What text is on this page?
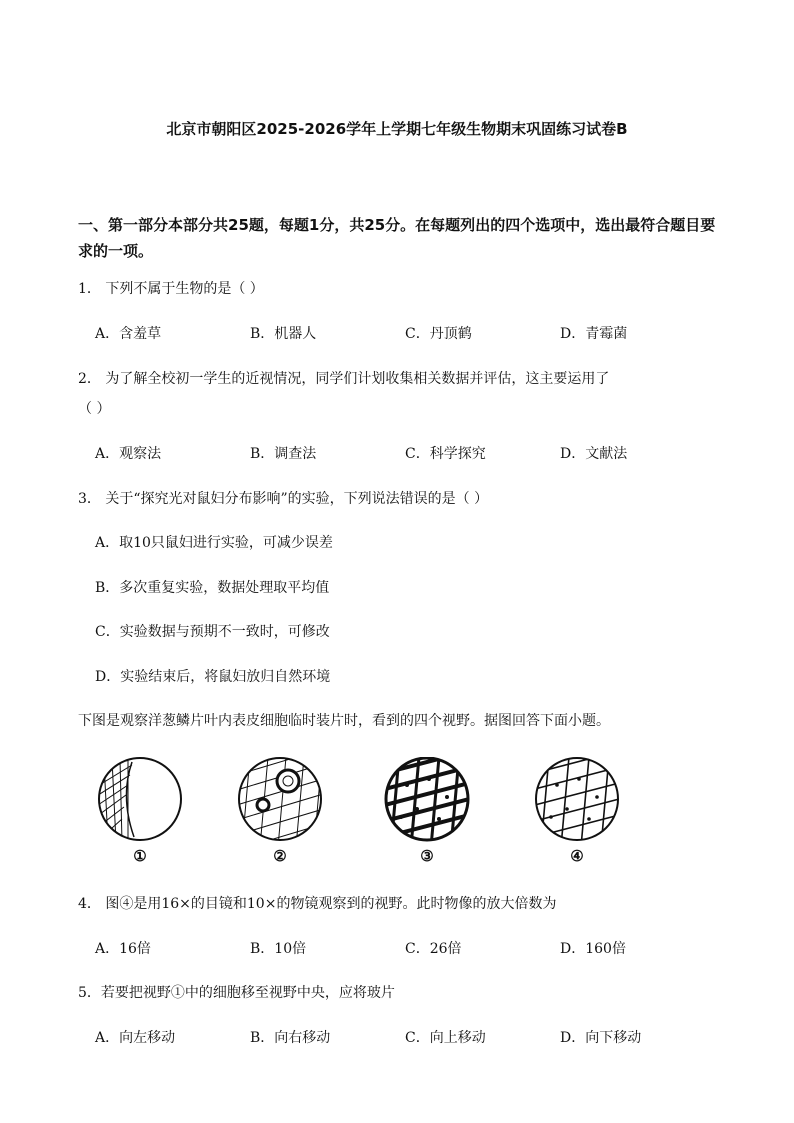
北京市朝阳区2025-2026学年上学期七年级生物期末巩固练习试卷B
一、第一部分本部分共25题，每题1分，共25分。在每题列出的四个选项中，选出最符合题目要求的一项。
1． 下列不属于生物的是（ ）
A．含羞草	B．机器人	C．丹顶鹤	D．青霉菌
2． 为了解全校初一学生的近视情况，同学们计划收集相关数据并评估，这主要运用了
（ ）
A．观察法	B．调查法	C．科学探究	D．文献法
3． 关于“探究光对鼠妇分布影响”的实验，下列说法错误的是（ ）
A．取10只鼠妇进行实验，可减少误差
B．多次重复实验，数据处理取平均值
C．实验数据与预期不一致时，可修改
D．实验结束后，将鼠妇放归自然环境
下图是观察洋葱鳞片叶内表皮细胞临时装片时，看到的四个视野。据图回答下面小题。
①	②	③	④
4． 图④是用16×的目镜和10×的物镜观察到的视野。此时物像的放大倍数为
A．16倍	B．10倍	C．26倍	D．160倍
5．若要把视野①中的细胞移至视野中央，应将玻片
A．向左移动	B．向右移动	C．向上移动	D．向下移动
